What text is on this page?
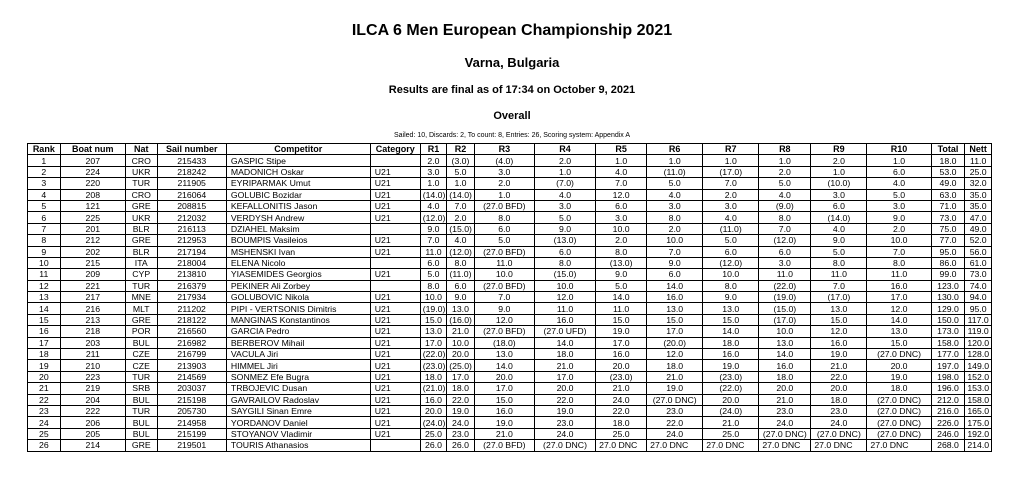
ILCA 6 Men European Championship 2021
Varna, Bulgaria
Results are final as of 17:34 on October 9, 2021
Overall
Sailed: 10, Discards: 2, To count: 8, Entries: 26, Scoring system: Appendix A
Rank	Boat num	Nat	Sail number	Competitor	Category	R1	R2	R3	R4	R5	R6	R7	R8	R9	R10	Total	Nett
1	207	CRO	215433	GASPIC Stipe		2.0	(3.0)	(4.0)	2.0	1.0	1.0	1.0	1.0	2.0	1.0	18.0	11.0
2	224	UKR	218242	MADONICH Oskar	U21	3.0	5.0	3.0	1.0	4.0	(11.0)	(17.0)	2.0	1.0	6.0	53.0	25.0
3	220	TUR	211905	EYRIPARMAK Umut	U21	1.0	1.0	2.0	(7.0)	7.0	5.0	7.0	5.0	(10.0)	4.0	49.0	32.0
4	208	CRO	216064	GOLUBIC Bozidar	U21	(14.0)	(14.0)	1.0	4.0	12.0	4.0	2.0	4.0	3.0	5.0	63.0	35.0
5	121	GRE	208815	KEFALLONITIS Jason	U21	4.0	7.0	(27.0 BFD)	3.0	6.0	3.0	3.0	(9.0)	6.0	3.0	71.0	35.0
6	225	UKR	212032	VERDYSH Andrew	U21	(12.0)	2.0	8.0	5.0	3.0	8.0	4.0	8.0	(14.0)	9.0	73.0	47.0
7	201	BLR	216113	DZIAHEL Maksim		9.0	(15.0)	6.0	9.0	10.0	2.0	(11.0)	7.0	4.0	2.0	75.0	49.0
8	212	GRE	212953	BOUMPIS Vasileios	U21	7.0	4.0	5.0	(13.0)	2.0	10.0	5.0	(12.0)	9.0	10.0	77.0	52.0
9	202	BLR	217194	MSHENSKI Ivan	U21	11.0	(12.0)	(27.0 BFD)	6.0	8.0	7.0	6.0	6.0	5.0	7.0	95.0	56.0
10	215	ITA	218004	ELENA Nicolo		6.0	8.0	11.0	8.0	(13.0)	9.0	(12.0)	3.0	8.0	8.0	86.0	61.0
11	209	CYP	213810	YIASEMIDES Georgios	U21	5.0	(11.0)	10.0	(15.0)	9.0	6.0	10.0	11.0	11.0	11.0	99.0	73.0
12	221	TUR	216379	PEKINER Ali Zorbey		8.0	6.0	(27.0 BFD)	10.0	5.0	14.0	8.0	(22.0)	7.0	16.0	123.0	74.0
13	217	MNE	217934	GOLUBOVIC Nikola	U21	10.0	9.0	7.0	12.0	14.0	16.0	9.0	(19.0)	(17.0)	17.0	130.0	94.0
14	216	MLT	211202	PIPI - VERTSONIS Dimitris	U21	(19.0)	13.0	9.0	11.0	11.0	13.0	13.0	(15.0)	13.0	12.0	129.0	95.0
15	213	GRE	218122	MANGINAS Konstantinos	U21	15.0	(16.0)	12.0	16.0	15.0	15.0	15.0	(17.0)	15.0	14.0	150.0	117.0
16	218	POR	216560	GARCIA Pedro	U21	13.0	21.0	(27.0 BFD)	(27.0 UFD)	19.0	17.0	14.0	10.0	12.0	13.0	173.0	119.0
17	203	BUL	216982	BERBEROV Mihail	U21	17.0	10.0	(18.0)	14.0	17.0	(20.0)	18.0	13.0	16.0	15.0	158.0	120.0
18	211	CZE	216799	VACULA Jiri	U21	(22.0)	20.0	13.0	18.0	16.0	12.0	16.0	14.0	19.0	(27.0 DNC)	177.0	128.0
19	210	CZE	213903	HIMMEL Jiri	U21	(23.0)	(25.0)	14.0	21.0	20.0	18.0	19.0	16.0	21.0	20.0	197.0	149.0
20	223	TUR	214569	SONMEZ Efe Bugra	U21	18.0	17.0	20.0	17.0	(23.0)	21.0	(23.0)	18.0	22.0	19.0	198.0	152.0
21	219	SRB	203037	TRBOJEVIC Dusan	U21	(21.0)	18.0	17.0	20.0	21.0	19.0	(22.0)	20.0	20.0	18.0	196.0	153.0
22	204	BUL	215198	GAVRAILOV Radoslav	U21	16.0	22.0	15.0	22.0	24.0	(27.0 DNC)	20.0	21.0	18.0	(27.0 DNC)	212.0	158.0
23	222	TUR	205730	SAYGILI Sinan Emre	U21	20.0	19.0	16.0	19.0	22.0	23.0	(24.0)	23.0	23.0	(27.0 DNC)	216.0	165.0
24	206	BUL	214958	YORDANOV Daniel	U21	(24.0)	24.0	19.0	23.0	18.0	22.0	21.0	24.0	24.0	(27.0 DNC)	226.0	175.0
25	205	BUL	215199	STOYANOV Vladimir	U21	25.0	23.0	21.0	24.0	25.0	24.0	25.0	(27.0 DNC)	(27.0 DNC)	(27.0 DNC)	246.0	192.0
26	214	GRE	219501	TOURIS Athanasios		26.0	26.0	(27.0 BFD)	(27.0 DNC)	27.0 DNC	27.0 DNC	27.0 DNC	27.0 DNC	27.0 DNC	27.0 DNC	268.0	214.0
